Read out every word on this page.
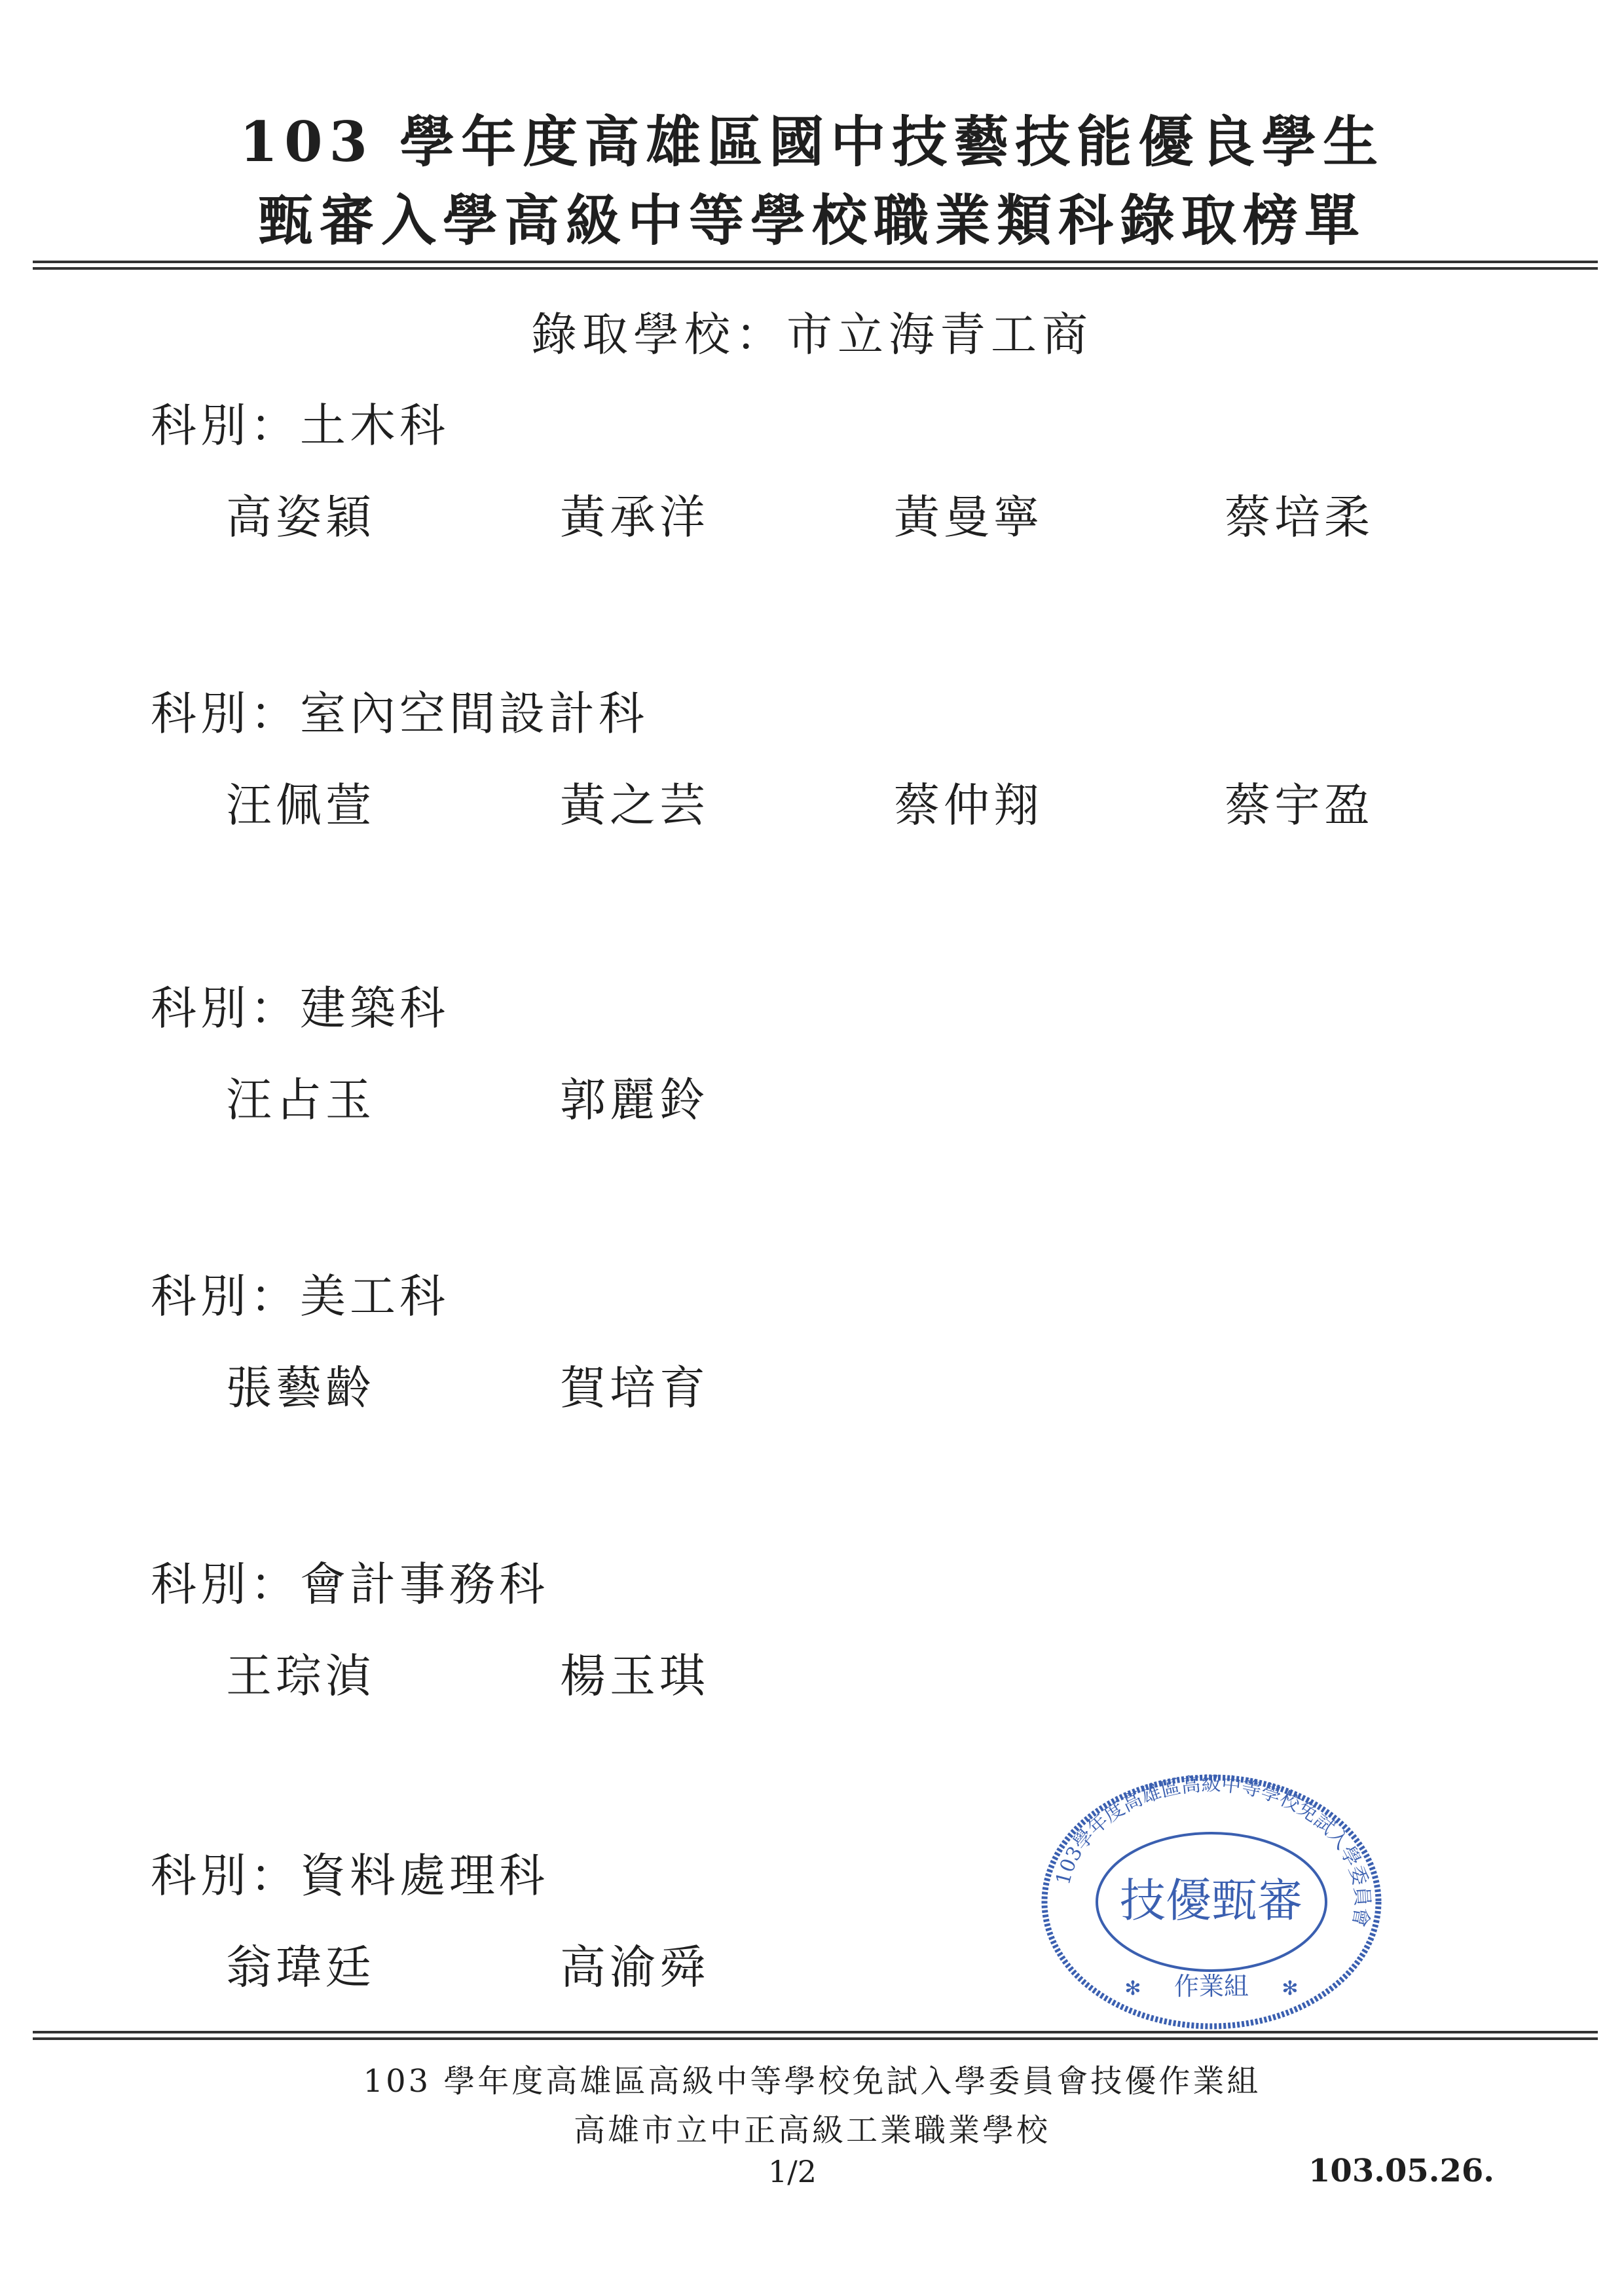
103 學年度高雄區國中技藝技能優良學生
甄審入學高級中等學校職業類科錄取榜單
錄取學校：市立海青工商
科別：土木科
高姿穎	黃承洋	黃曼寧	蔡培柔
科別：室內空間設計科
汪佩萱	黃之芸	蔡仲翔	蔡宇盈
科別：建築科
汪占玉	郭麗鈴
科別：美工科
張藝齡	賀培育
科別：會計事務科
王琮湞	楊玉琪
科別：資料處理科
翁瑋廷	高渝舜
103學年度高雄區高級中等學校免試入學委員會
技優甄審
作業組
✻	✻
103 學年度高雄區高級中等學校免試入學委員會技優作業組
高雄市立中正高級工業職業學校
1/2	103.05.26.
